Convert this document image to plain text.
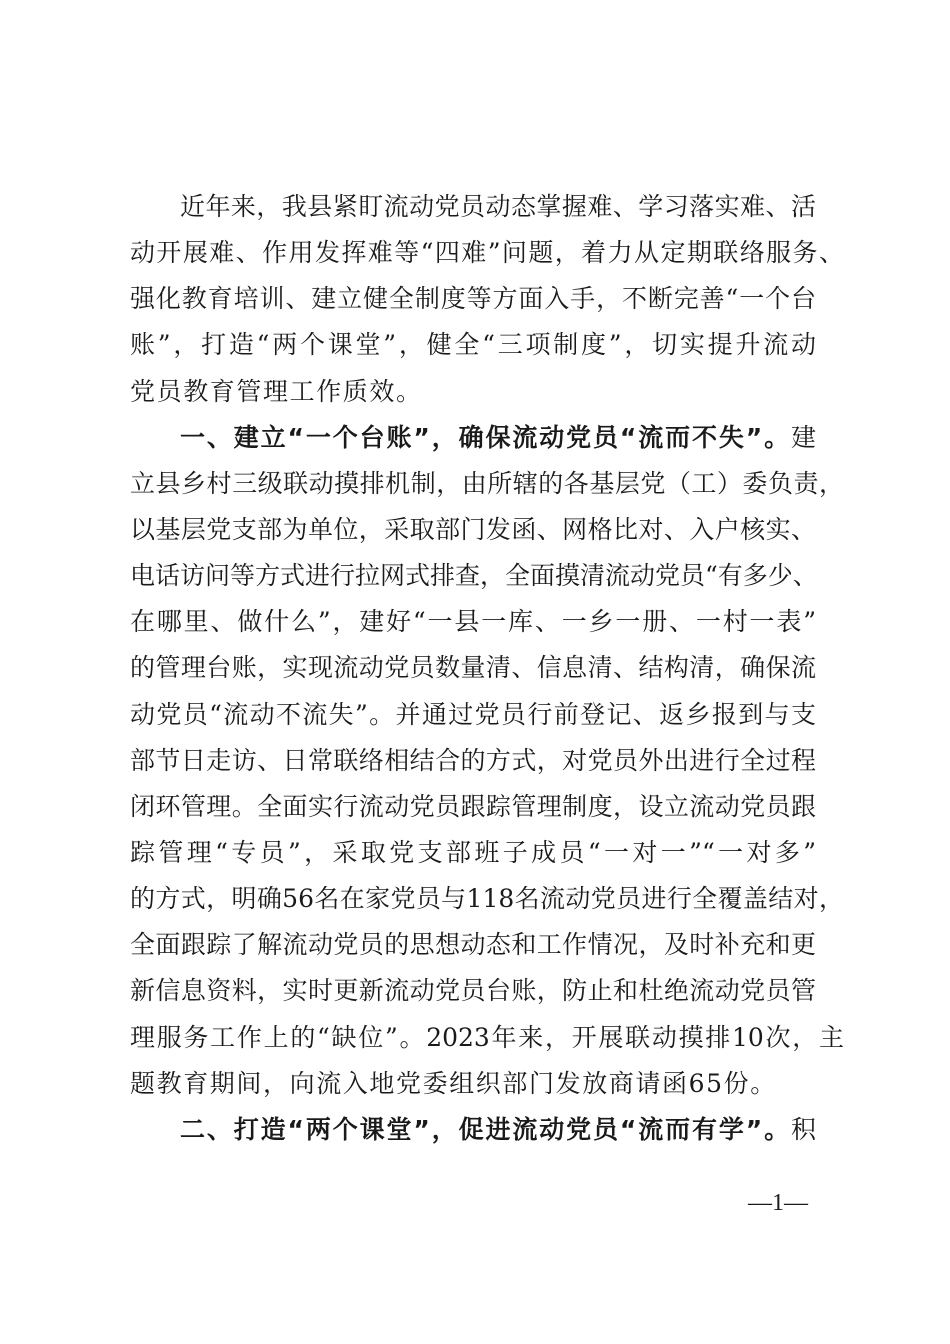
近年来，我县紧盯流动党员动态掌握难、学习落实难、活
动开展难、作用发挥难等“四难”问题，着力从定期联络服务、
强化教育培训、建立健全制度等方面入手，不断完善“一个台
账”，打造“两个课堂”，健全“三项制度”，切实提升流动
党员教育管理工作质效。
一、建立“一个台账”，确保流动党员“流而不失”。建
立县乡村三级联动摸排机制，由所辖的各基层党（工）委负责，
以基层党支部为单位，采取部门发函、网格比对、入户核实、
电话访问等方式进行拉网式排查，全面摸清流动党员“有多少、
在哪里、做什么”，建好“一县一库、一乡一册、一村一表”
的管理台账，实现流动党员数量清、信息清、结构清，确保流
动党员“流动不流失”。并通过党员行前登记、返乡报到与支
部节日走访、日常联络相结合的方式，对党员外出进行全过程
闭环管理。全面实行流动党员跟踪管理制度，设立流动党员跟
踪管理“专员”，采取党支部班子成员“一对一”“一对多”
的方式，明确56名在家党员与118名流动党员进行全覆盖结对，
全面跟踪了解流动党员的思想动态和工作情况，及时补充和更
新信息资料，实时更新流动党员台账，防止和杜绝流动党员管
理服务工作上的“缺位”。2023年来，开展联动摸排10次，主
题教育期间，向流入地党委组织部门发放商请函65份。
二、打造“两个课堂”，促进流动党员“流而有学”。积
—1—
